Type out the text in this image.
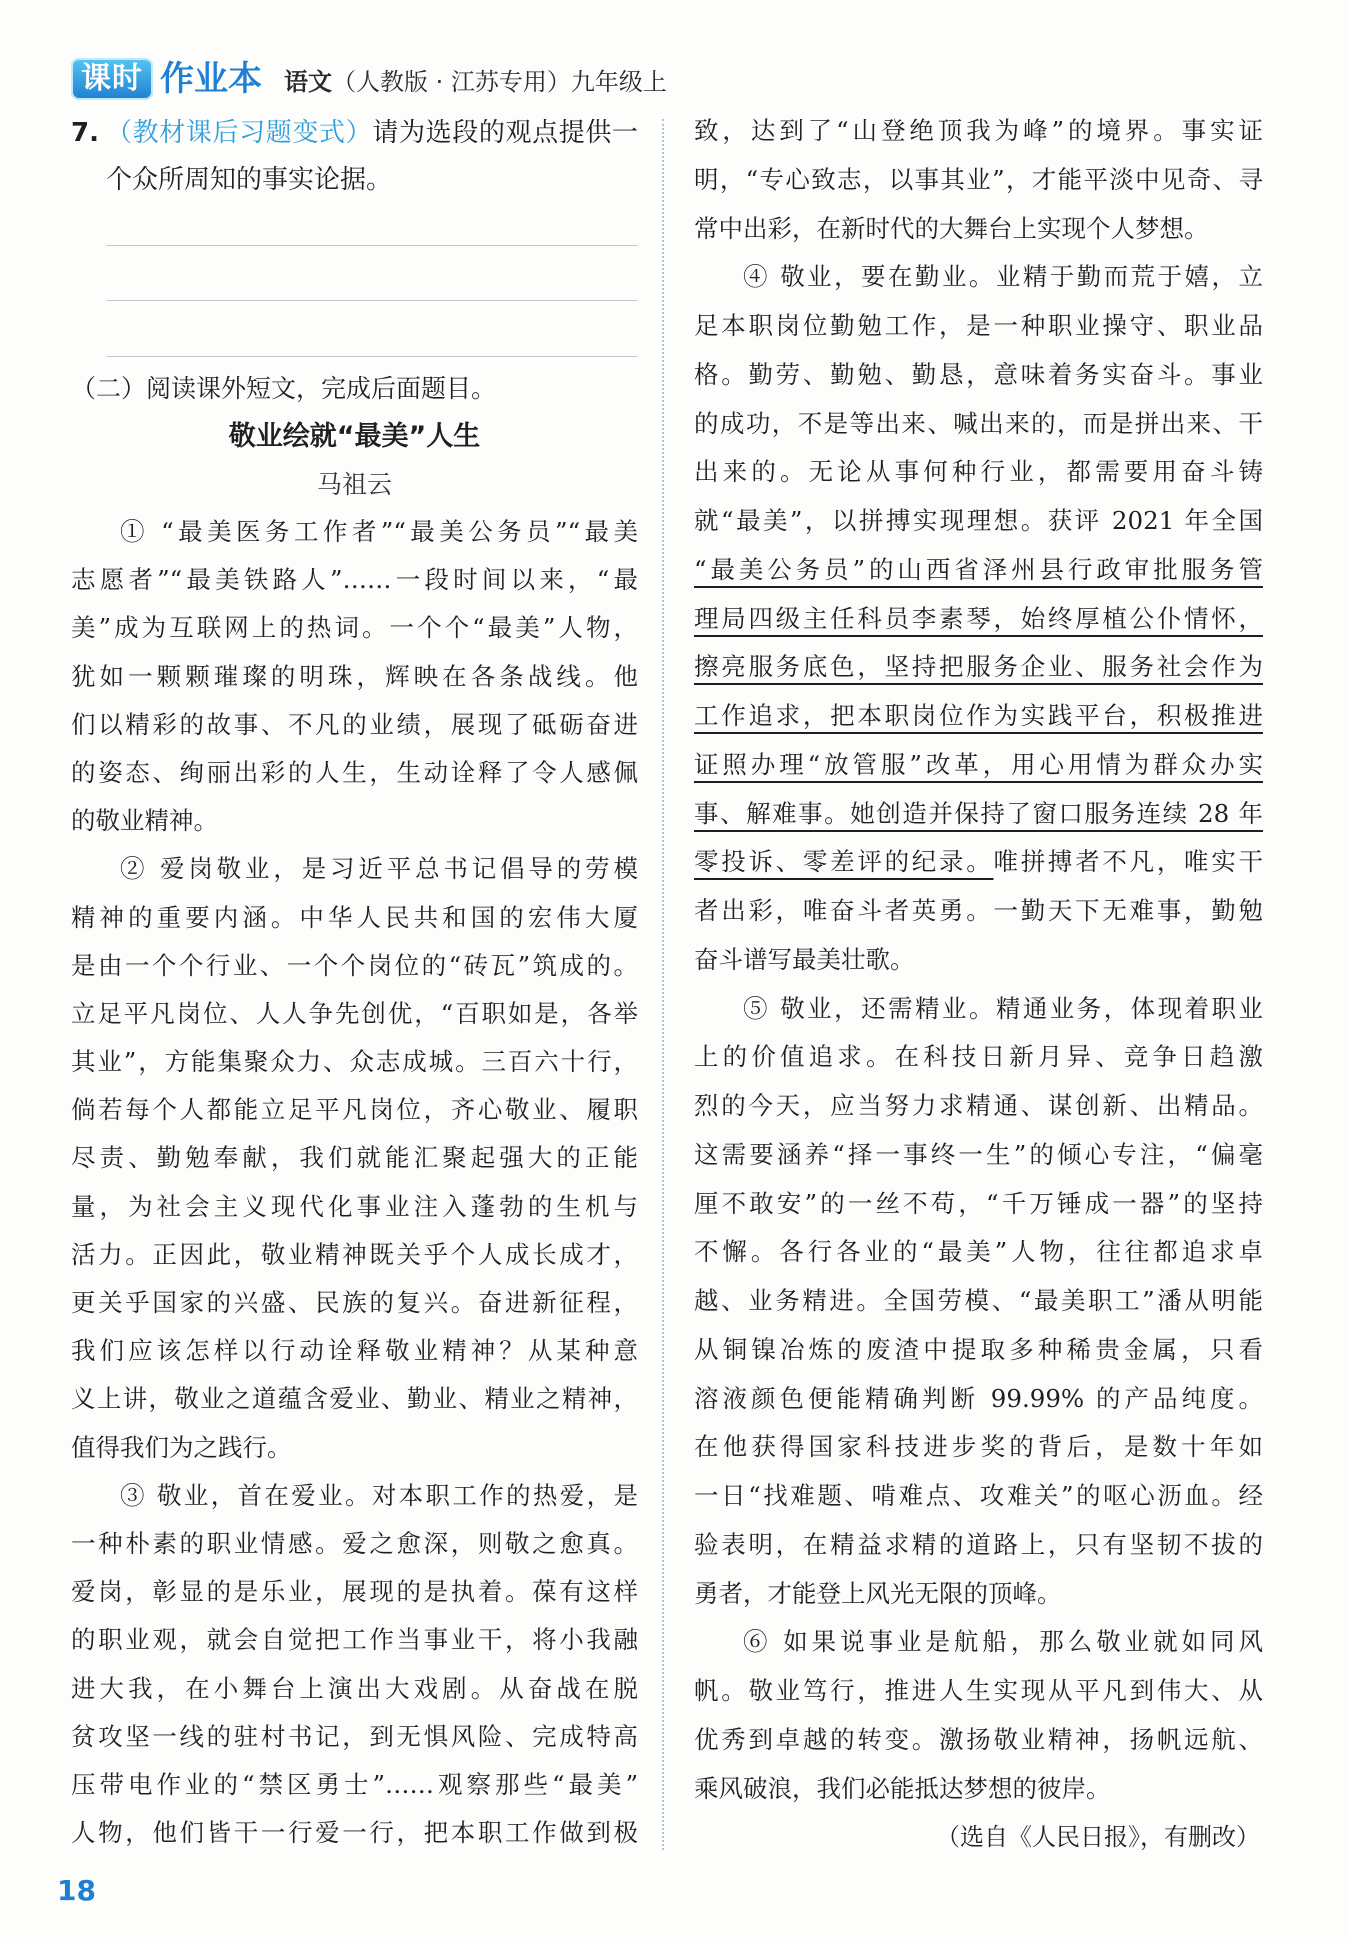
课时 作业本 语文（人教版 · 江苏专用）九年级上
7. （教材课后习题变式）请为选段的观点提供一
个众所周知的事实论据。
（二）阅读课外短文，完成后面题目。
敬业绘就“最美”人生
马祖云
① “最美医务工作者”“最美公务员”“最美
志愿者”“最美铁路人”……一段时间以来，“最
美”成为互联网上的热词。一个个“最美”人物，
犹如一颗颗璀璨的明珠，辉映在各条战线。他
们以精彩的故事、不凡的业绩，展现了砥砺奋进
的姿态、绚丽出彩的人生，生动诠释了令人感佩
的敬业精神。
② 爱岗敬业，是习近平总书记倡导的劳模
精神的重要内涵。中华人民共和国的宏伟大厦
是由一个个行业、一个个岗位的“砖瓦”筑成的。
立足平凡岗位、人人争先创优，“百职如是，各举
其业”，方能集聚众力、众志成城。三百六十行，
倘若每个人都能立足平凡岗位，齐心敬业、履职
尽责、勤勉奉献，我们就能汇聚起强大的正能
量，为社会主义现代化事业注入蓬勃的生机与
活力。正因此，敬业精神既关乎个人成长成才，
更关乎国家的兴盛、民族的复兴。奋进新征程，
我们应该怎样以行动诠释敬业精神？从某种意
义上讲，敬业之道蕴含爱业、勤业、精业之精神，
值得我们为之践行。
③ 敬业，首在爱业。对本职工作的热爱，是
一种朴素的职业情感。爱之愈深，则敬之愈真。
爱岗，彰显的是乐业，展现的是执着。葆有这样
的职业观，就会自觉把工作当事业干，将小我融
进大我，在小舞台上演出大戏剧。从奋战在脱
贫攻坚一线的驻村书记，到无惧风险、完成特高
压带电作业的“禁区勇士”……观察那些“最美”
人物，他们皆干一行爱一行，把本职工作做到极
致，达到了“山登绝顶我为峰”的境界。事实证
明，“专心致志，以事其业”，才能平淡中见奇、寻
常中出彩，在新时代的大舞台上实现个人梦想。
④ 敬业，要在勤业。业精于勤而荒于嬉，立
足本职岗位勤勉工作，是一种职业操守、职业品
格。勤劳、勤勉、勤恳，意味着务实奋斗。事业
的成功，不是等出来、喊出来的，而是拼出来、干
出来的。无论从事何种行业，都需要用奋斗铸
就“最美”，以拼搏实现理想。获评 2021 年全国
“最美公务员”的山西省泽州县行政审批服务管
理局四级主任科员李素琴，始终厚植公仆情怀，
擦亮服务底色，坚持把服务企业、服务社会作为
工作追求，把本职岗位作为实践平台，积极推进
证照办理“放管服”改革，用心用情为群众办实
事、解难事。她创造并保持了窗口服务连续 28 年
零投诉、零差评的纪录。唯拼搏者不凡，唯实干
者出彩，唯奋斗者英勇。一勤天下无难事，勤勉
奋斗谱写最美壮歌。
⑤ 敬业，还需精业。精通业务，体现着职业
上的价值追求。在科技日新月异、竞争日趋激
烈的今天，应当努力求精通、谋创新、出精品。
这需要涵养“择一事终一生”的倾心专注，“偏毫
厘不敢安”的一丝不苟，“千万锤成一器”的坚持
不懈。各行各业的“最美”人物，往往都追求卓
越、业务精进。全国劳模、“最美职工”潘从明能
从铜镍冶炼的废渣中提取多种稀贵金属，只看
溶液颜色便能精确判断 99.99% 的产品纯度。
在他获得国家科技进步奖的背后，是数十年如
一日“找难题、啃难点、攻难关”的呕心沥血。经
验表明，在精益求精的道路上，只有坚韧不拔的
勇者，才能登上风光无限的顶峰。
⑥ 如果说事业是航船，那么敬业就如同风
帆。敬业笃行，推进人生实现从平凡到伟大、从
优秀到卓越的转变。激扬敬业精神，扬帆远航、
乘风破浪，我们必能抵达梦想的彼岸。
（选自《人民日报》，有删改）
18
